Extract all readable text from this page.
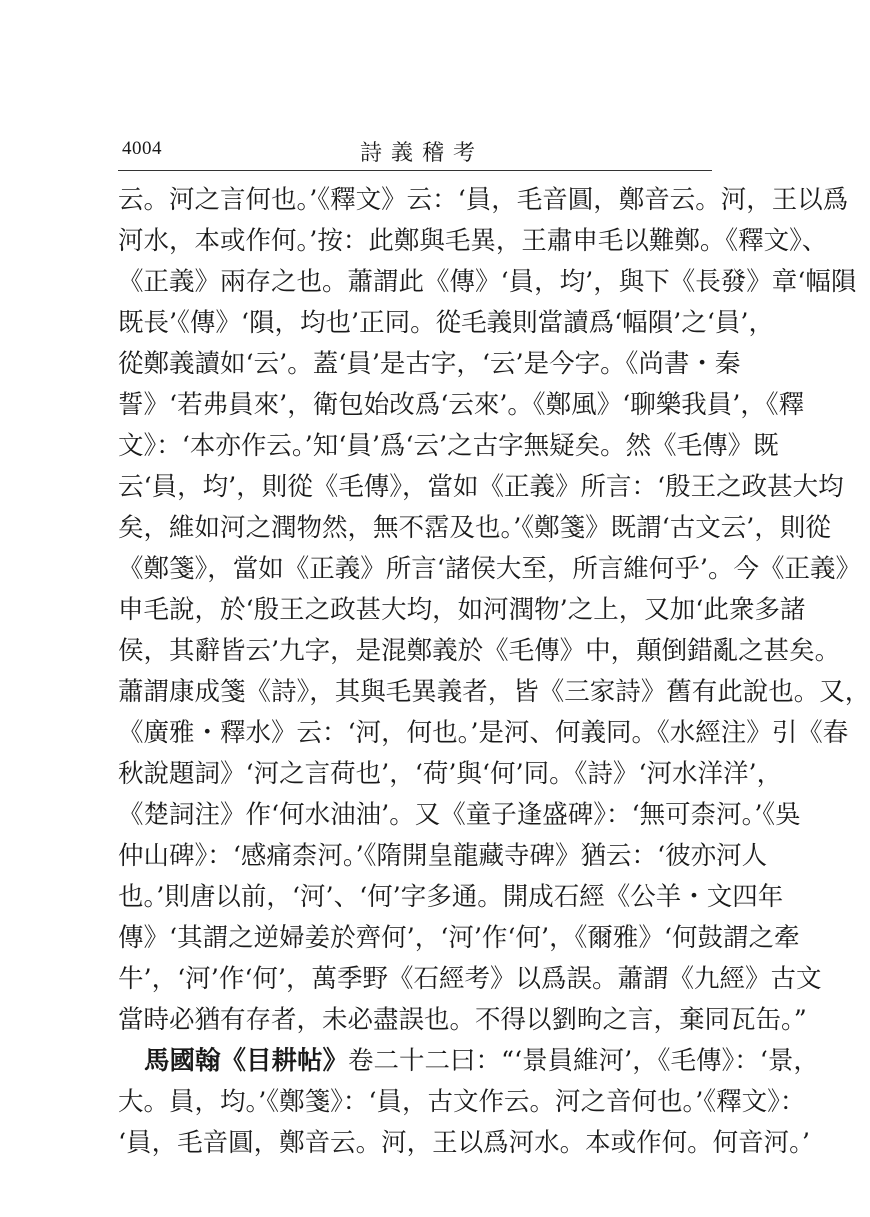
4004	詩義稽考
云。河之言何也。’《釋文》云：‘員，毛音圓，鄭音云。河，王以爲
河水，本或作何。’按：此鄭與毛異，王肅申毛以難鄭。《釋文》、
《正義》兩存之也。蕭謂此《傳》‘員，均’，與下《長發》章‘幅隕
既長’《傳》‘隕，均也’正同。從毛義則當讀爲‘幅隕’之‘員’，
從鄭義讀如‘云’。蓋‘員’是古字，‘云’是今字。《尚書・秦
誓》‘若弗員來’，衛包始改爲‘云來’。《鄭風》‘聊樂我員’，《釋
文》：‘本亦作云。’知‘員’爲‘云’之古字無疑矣。然《毛傳》既
云‘員，均’，則從《毛傳》，當如《正義》所言：‘殷王之政甚大均
矣，維如河之潤物然，無不霑及也。’《鄭箋》既謂‘古文云’，則從
《鄭箋》，當如《正義》所言‘諸侯大至，所言維何乎’。今《正義》
申毛說，於‘殷王之政甚大均，如河潤物’之上，又加‘此衆多諸
侯，其辭皆云’九字，是混鄭義於《毛傳》中，顛倒錯亂之甚矣。
蕭謂康成箋《詩》，其與毛異義者，皆《三家詩》舊有此說也。又，
《廣雅・釋水》云：‘河，何也。’是河、何義同。《水經注》引《春
秋說題詞》‘河之言荷也’，‘荷’與‘何’同。《詩》‘河水洋洋’，
《楚詞注》作‘何水油油’。又《童子逢盛碑》：‘無可柰河。’《吳
仲山碑》：‘感痛柰河。’《隋開皇龍藏寺碑》猶云：‘彼亦河人
也。’則唐以前，‘河’、‘何’字多通。開成石經《公羊・文四年
傳》‘其謂之逆婦姜於齊何’，‘河’作‘何’，《爾雅》‘何鼓謂之牽
牛’，‘河’作‘何’，萬季野《石經考》以爲誤。蕭謂《九經》古文
當時必猶有存者，未必盡誤也。不得以劉昫之言，棄同瓦缶。”
馬國翰《目耕帖》卷二十二曰：“‘景員維河’，《毛傳》：‘景，
大。員，均。’《鄭箋》：‘員，古文作云。河之音何也。’《釋文》：
‘員，毛音圓，鄭音云。河，王以爲河水。本或作何。何音河。’
